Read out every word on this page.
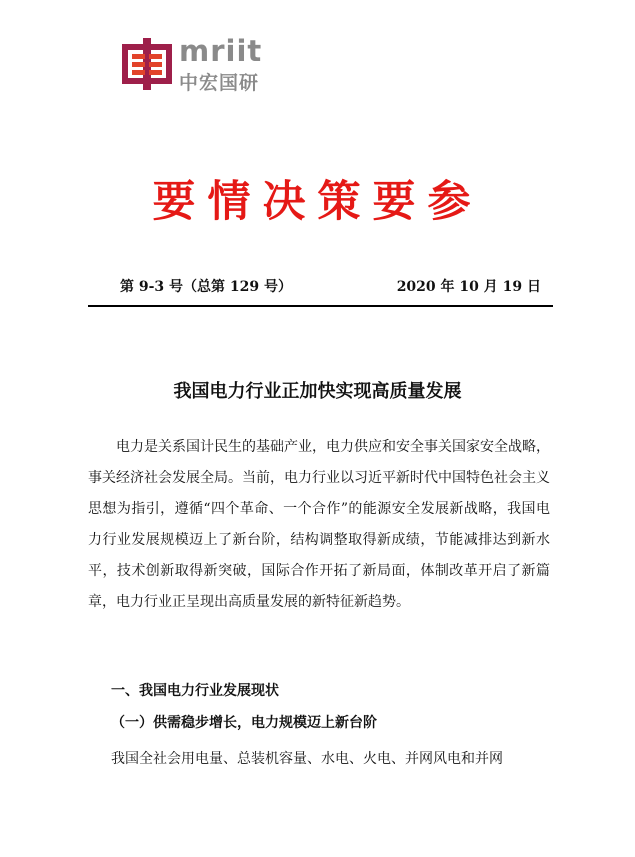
mriit
中宏国研
要情决策要参
第 9-3 号（总第 129 号）	2020 年 10 月 19 日
我国电力行业正加快实现高质量发展

电力是关系国计民生的基础产业，电力供应和安全事关国家安全战略，事关经济社会发展全局。当前，电力行业以习近平新时代中国特色社会主义思想为指引，遵循“四个革命、一个合作”的能源安全发展新战略，我国电力行业发展规模迈上了新台阶，结构调整取得新成绩，节能减排达到新水平，技术创新取得新突破，国际合作开拓了新局面，体制改革开启了新篇章，电力行业正呈现出高质量发展的新特征新趋势。

一、我国电力行业发展现状
（一）供需稳步增长，电力规模迈上新台阶
我国全社会用电量、总装机容量、水电、火电、并网风电和并网
